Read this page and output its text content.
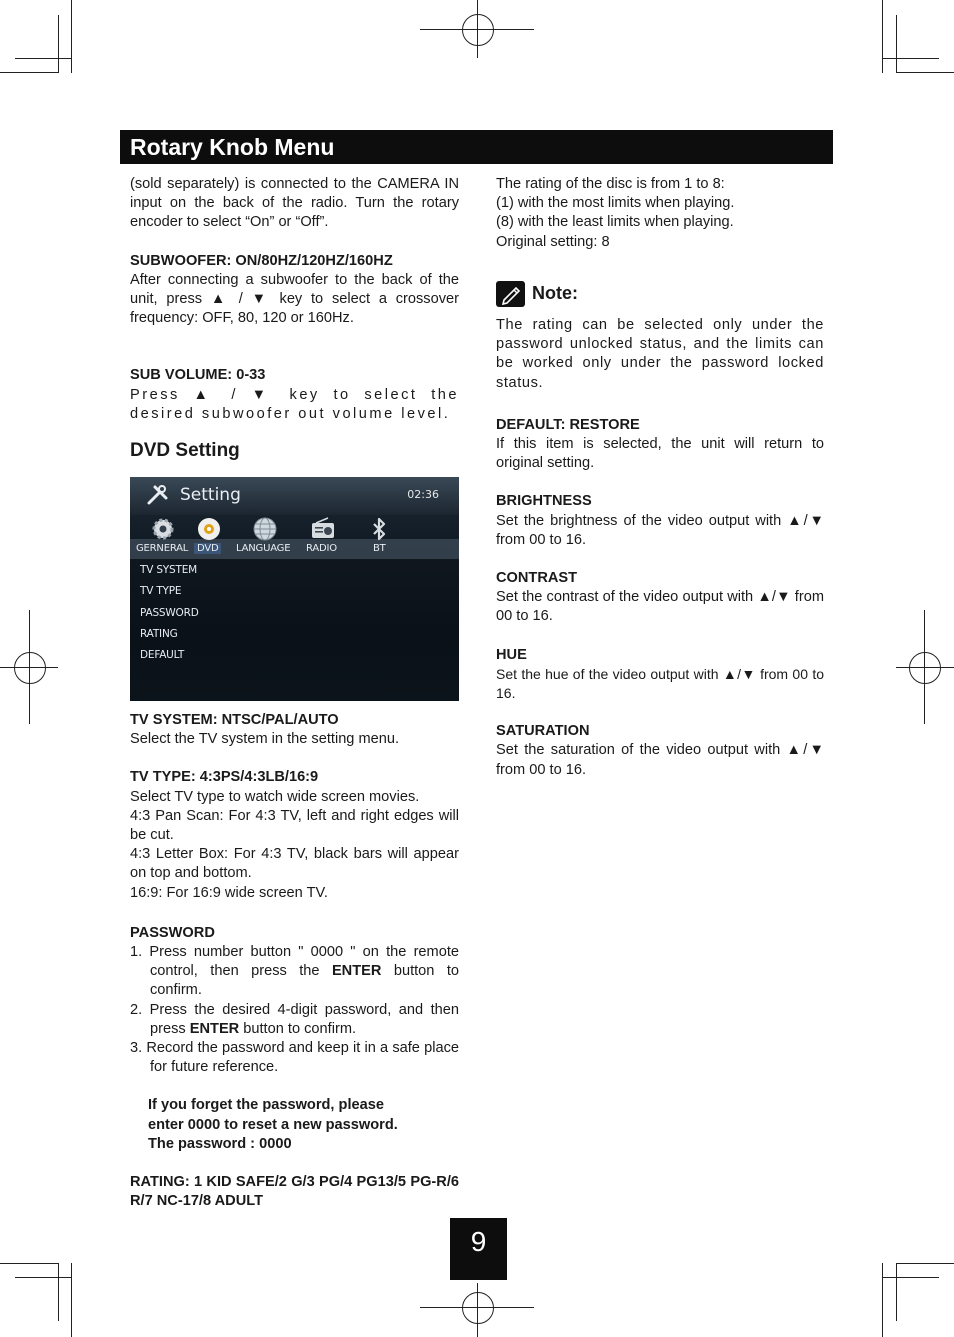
Rotary Knob Menu

(sold separately) is connected to the CAMERA IN input on the back of the radio. Turn the rotary encoder to select “On” or “Off”.

SUBWOOFER: ON/80HZ/120HZ/160HZ

After connecting a subwoofer to the back of the unit, press ▲ / ▼ key to select a crossover frequency: OFF, 80, 120 or 160Hz.

SUB VOLUME: 0-33

Press ▲ / ▼ key to select the desired subwoofer out volume level.

DVD Setting

Setting	02:36
GERNERAL DVD	LANGUAGE RADIO	BT
TV SYSTEM
TV TYPE
PASSWORD
RATING
DEFAULT

TV SYSTEM: NTSC/PAL/AUTO

Select the TV system in the setting menu.

TV TYPE: 4:3PS/4:3LB/16:9

Select TV type to watch wide screen movies.

4:3 Pan Scan: For 4:3 TV, left and right edges will be cut.

4:3 Letter Box: For 4:3 TV, black bars will appear on top and bottom.

16:9: For 16:9 wide screen TV.

PASSWORD

1. Press number button " 0000 " on the remote control, then press the ENTER button to confirm.

2. Press the desired 4-digit password, and then press ENTER button to confirm.

3. Record the password and keep it in a safe place for future reference.

If you forget the password, please

enter 0000 to reset a new password.

The password : 0000

RATING: 1 KID SAFE/2 G/3 PG/4 PG13/5 PG-R/6 R/7 NC-17/8 ADULT

The rating of the disc is from 1 to 8:

(1) with the most limits when playing.

(8) with the least limits when playing.

Original setting: 8

Note:

The rating can be selected only under the password unlocked status, and the limits can be worked only under the password locked status.

DEFAULT: RESTORE

If this item is selected, the unit will return to original setting.

BRIGHTNESS

Set the brightness of the video output with ▲/▼ from 00 to 16.

CONTRAST

Set the contrast of the video output with ▲/▼ from 00 to 16.

HUE

Set the hue of the video output with ▲/▼ from 00 to 16.

SATURATION

Set the saturation of the video output with ▲/▼ from 00 to 16.

9
